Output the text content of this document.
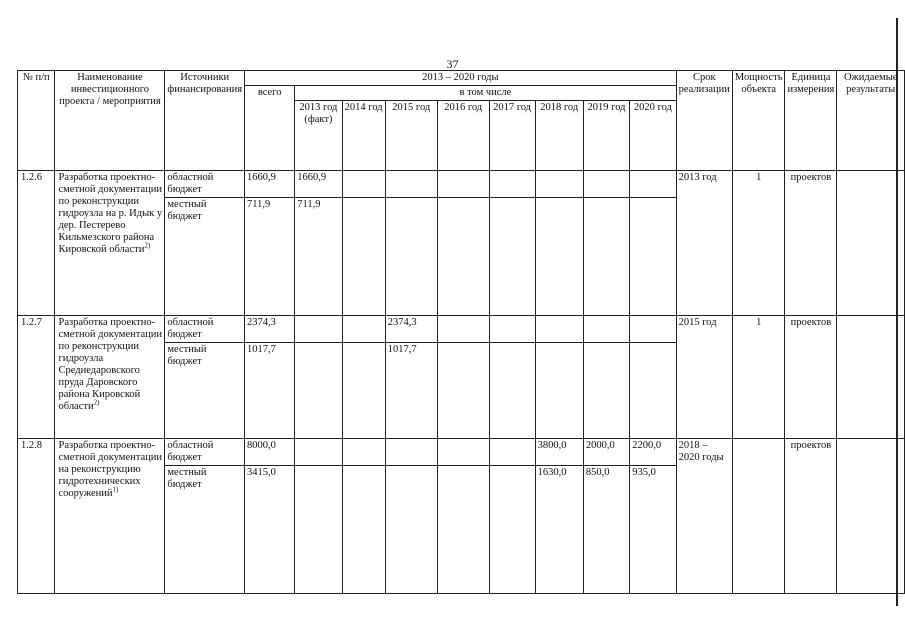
37
№ п/п	Наименование инвестиционного проекта / мероприятия	Источники финансирования	2013 – 2020 годы									Срок реализации	Мощность объекта	Единица измерения	Ожидаемые результаты
			всего	в том числе											
				2013 год (факт)	2014 год	2015 год	2016 год	2017 год	2018 год	2019 год	2020 год				
1.2.6	Разработка проектно-сметной документации по реконструкции гидроузла на р. Идык у дер. Пестерево Кильмезского района Кировской области$^{2)}$	областной бюджет	1660,9	1660,9								2013 год	1	проектов	
		местный бюджет	711,9	711,9											
1.2.7	Разработка проектно-сметной документации по реконструкции гидроузла Средиедаровского пруда Даровского района Кировской области$^{2)}$	областной бюджет	2374,3			2374,3						2015 год	1	проектов	
		местный бюджет	1017,7			1017,7									
1.2.8	Разработка проектно-сметной документации на реконструкцию гидротехнических сооружений$^{1)}$	областной бюджет	8000,0						3800,0	2000,0	2200,0	2018 – 2020 годы		проектов	
		местный бюджет	3415,0						1630,0	850,0	935,0				
